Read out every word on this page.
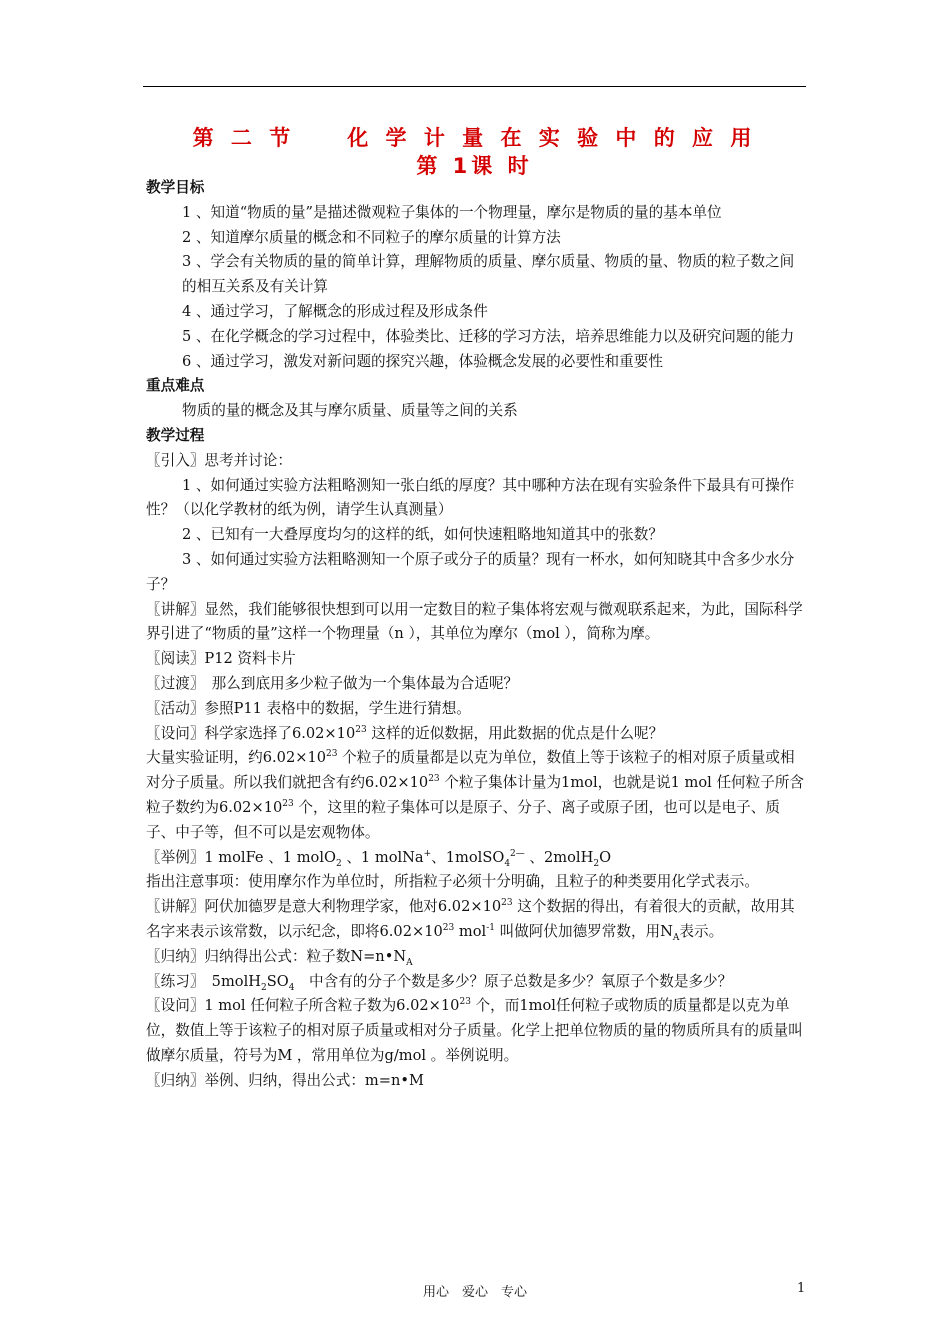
第 二 节　　化 学 计 量 在 实 验 中 的 应 用
第 1课 时

教学目标

1 、知道“物质的量”是描述微观粒子集体的一个物理量，摩尔是物质的量的基本单位

2 、知道摩尔质量的概念和不同粒子的摩尔质量的计算方法

3 、学会有关物质的量的简单计算，理解物质的质量、摩尔质量、物质的量、物质的粒子数之间的相互关系及有关计算

4 、通过学习，了解概念的形成过程及形成条件

5 、在化学概念的学习过程中，体验类比、迁移的学习方法，培养思维能力以及研究问题的能力

6 、通过学习，激发对新问题的探究兴趣，体验概念发展的必要性和重要性

重点难点

物质的量的概念及其与摩尔质量、质量等之间的关系

教学过程

〖引入〗思考并讨论：

1 、如何通过实验方法粗略测知一张白纸的厚度？其中哪种方法在现有实验条件下最具有可操作性？（以化学教材的纸为例，请学生认真测量）

2 、已知有一大叠厚度均匀的这样的纸，如何快速粗略地知道其中的张数？

3 、如何通过实验方法粗略测知一个原子或分子的质量？现有一杯水，如何知晓其中含多少水分子？

〖讲解〗显然，我们能够很快想到可以用一定数目的粒子集体将宏观与微观联系起来，为此，国际科学界引进了“物质的量”这样一个物理量（n ），其单位为摩尔（mol ），简称为摩。

〖阅读〗P12 资料卡片

〖过渡〗　那么到底用多少粒子做为一个集体最为合适呢？

〖活动〗参照P11 表格中的数据，学生进行猜想。

〖设问〗科学家选择了$6.02\times 10^{23}$ 这样的近似数据，用此数据的优点是什么呢？

大量实验证明，约$6.02\times 10^{23}$ 个粒子的质量都是以克为单位，数值上等于该粒子的相对原子质量或相对分子质量。所以我们就把含有约$6.02\times 10^{23}$ 个粒子集体计量为1mol，也就是说1 mol 任何粒子所含粒子数约为$6.02\times 10^{23}$ 个，这里的粒子集体可以是原子、分子、离子或原子团，也可以是电子、质子、中子等，但不可以是宏观物体。

〖举例〗1 molFe 、1 molO$_2$ 、1 molNa+、1molSO$_4^{2—}$ 、2molH$_2$O

指出注意事项：使用摩尔作为单位时，所指粒子必须十分明确，且粒子的种类要用化学式表示。

〖讲解〗阿伏加德罗是意大利物理学家，他对$6.02\times 10^{23}$ 这个数据的得出，有着很大的贡献，故用其名字来表示该常数，以示纪念，即将$6.02\times 10^{23}$ mol$^{-1}$ 叫做阿伏加德罗常数，用$N_A$表示。

〖归纳〗归纳得出公式：粒子数$N=n•N_A$

〖练习〗　$5molH_2SO_4$　中含有的分子个数是多少？原子总数是多少？氧原子个数是多少？

〖设问〗1 mol 任何粒子所含粒子数为$6.02\times 10^{23}$ 个，而1mol任何粒子或物质的质量都是以克为单位，数值上等于该粒子的相对原子质量或相对分子质量。化学上把单位物质的量的物质所具有的质量叫做摩尔质量，符号为M ，常用单位为g/mol 。举例说明。

〖归纳〗举例、归纳，得出公式：m=n•M

用心　爱心　专心	1
